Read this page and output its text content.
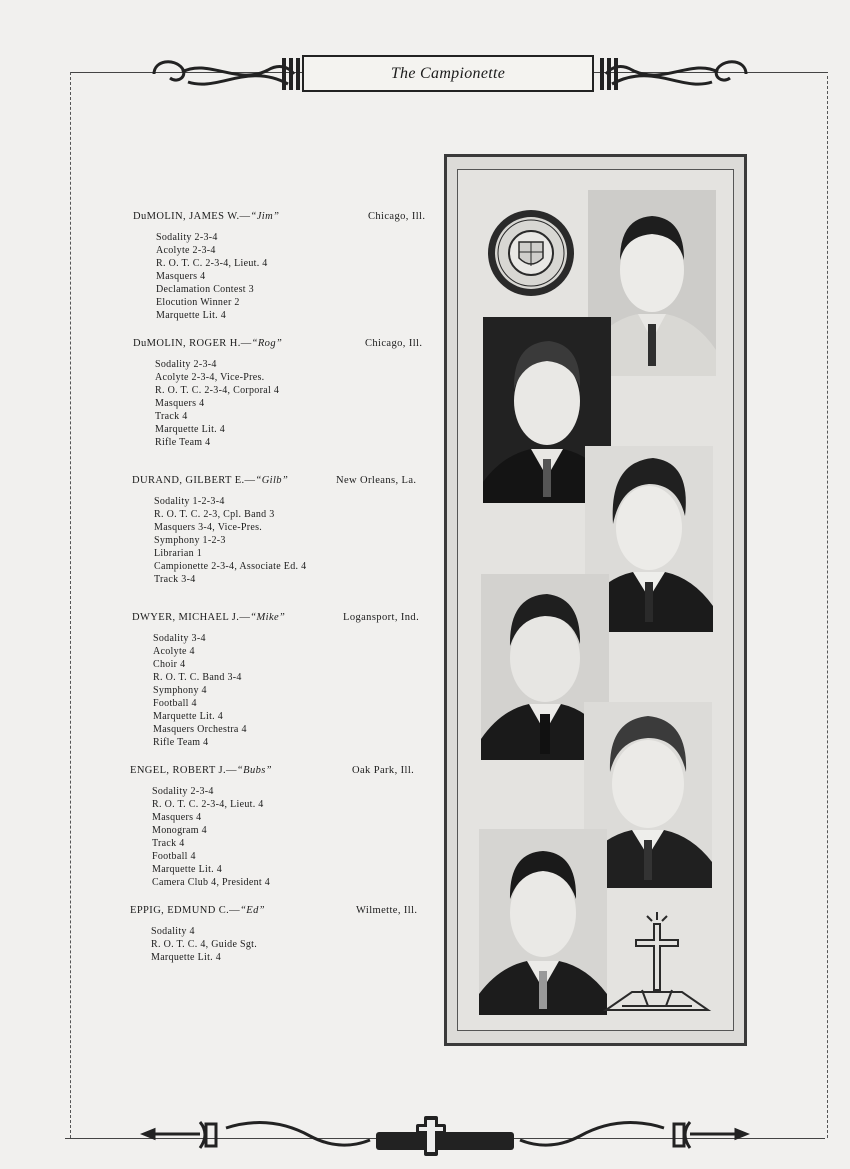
The Campionette
DuMOLIN, JAMES W.—“Jim”	Chicago, Ill.
Sodality 2-3-4
Acolyte 2-3-4
R. O. T. C. 2-3-4, Lieut. 4
Masquers 4
Declamation Contest 3
Elocution Winner 2
Marquette Lit. 4
DuMOLIN, ROGER H.—“Rog”	Chicago, Ill.
Sodality 2-3-4
Acolyte 2-3-4, Vice-Pres.
R. O. T. C. 2-3-4, Corporal 4
Masquers 4
Track 4
Marquette Lit. 4
Rifle Team 4
DURAND, GILBERT E.—“Gilb”	New Orleans, La.
Sodality 1-2-3-4
R. O. T. C. 2-3, Cpl. Band 3
Masquers 3-4, Vice-Pres.
Symphony 1-2-3
Librarian 1
Campionette 2-3-4, Associate Ed. 4
Track 3-4
DWYER, MICHAEL J.—“Mike”	Logansport, Ind.
Sodality 3-4
Acolyte 4
Choir 4
R. O. T. C. Band 3-4
Symphony 4
Football 4
Marquette Lit. 4
Masquers Orchestra 4
Rifle Team 4
ENGEL, ROBERT J.—“Bubs”	Oak Park, Ill.
Sodality 2-3-4
R. O. T. C. 2-3-4, Lieut. 4
Masquers 4
Monogram 4
Track 4
Football 4
Marquette Lit. 4
Camera Club 4, President 4
EPPIG, EDMUND C.—“Ed”	Wilmette, Ill.
Sodality 4
R. O. T. C. 4, Guide Sgt.
Marquette Lit. 4
